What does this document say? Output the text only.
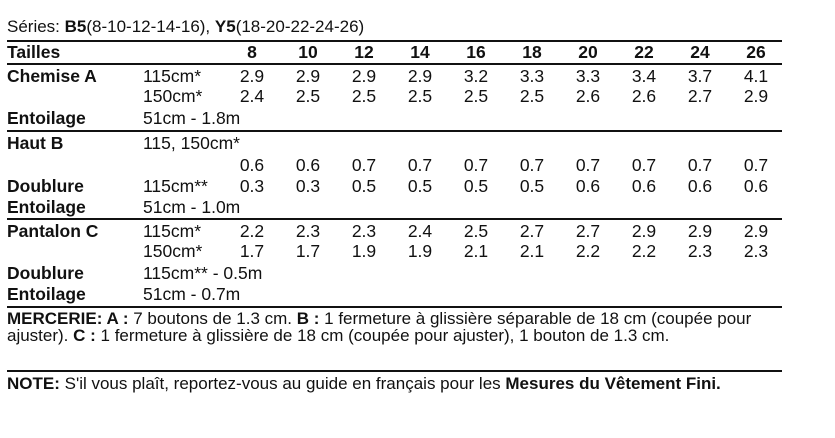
Séries: B5(8-10-12-14-16), Y5(18-20-22-24-26)
Tailles	8	10	12	14	16	18	20	22	24	26
Chemise A	115cm*	2.9	2.9	2.9	2.9	3.2	3.3	3.3	3.4	3.7	4.1
150cm*	2.4	2.5	2.5	2.5	2.5	2.5	2.6	2.6	2.7	2.9
Entoilage	51cm - 1.8m
Haut B	115, 150cm*
0.6	0.6	0.7	0.7	0.7	0.7	0.7	0.7	0.7	0.7
Doublure	115cm**	0.3	0.3	0.5	0.5	0.5	0.5	0.6	0.6	0.6	0.6
Entoilage	51cm - 1.0m
Pantalon C	115cm*	2.2	2.3	2.3	2.4	2.5	2.7	2.7	2.9	2.9	2.9
150cm*	1.7	1.7	1.9	1.9	2.1	2.1	2.2	2.2	2.3	2.3
Doublure	115cm** - 0.5m
Entoilage	51cm - 0.7m
MERCERIE: A : 7 boutons de 1.3 cm. B : 1 fermeture à glissière séparable de 18 cm (coupée pour ajuster). C : 1 fermeture à glissière de 18 cm (coupée pour ajuster), 1 bouton de 1.3 cm.
NOTE: S'il vous plaît, reportez-vous au guide en français pour les Mesures du Vêtement Fini.
